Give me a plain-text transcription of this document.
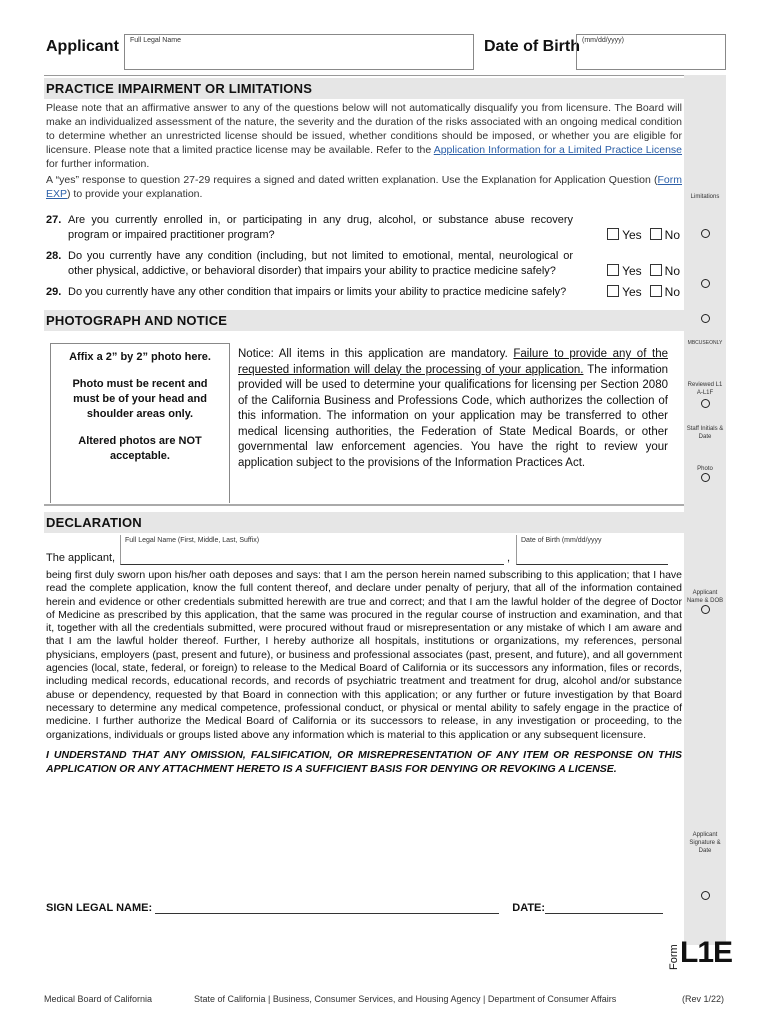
Applicant Full Legal Name	Date of Birth (mm/dd/yyyy)
Limitations
MBCUSEONLY
Reviewed L1 A-L1F
Staff Initials & Date
Photo
Applicant Name & DOB
Applicant Signature & Date
PRACTICE IMPAIRMENT OR LIMITATIONS
Please note that an affirmative answer to any of the questions below will not automatically disqualify you from licensure. The Board will make an individualized assessment of the nature, the severity and the duration of the risks associated with an ongoing medical condition to determine whether an unrestricted license should be issued, whether conditions should be imposed, or whether you are eligible for licensure. Please note that a limited practice license may be available. Refer to the Application Information for a Limited Practice License for further information.
A “yes” response to question 27-29 requires a signed and dated written explanation. Use the Explanation for Application Question (Form EXP) to provide your explanation.
27. Are you currently enrolled in, or participating in any drug, alcohol, or substance abuse recovery program or impaired practitioner program?	Yes	No
28. Do you currently have any condition (including, but not limited to emotional, mental, neurological or other physical, addictive, or behavioral disorder) that impairs your ability to practice medicine safely?	Yes	No
29. Do you currently have any other condition that impairs or limits your ability to practice medicine safely?	Yes	No
PHOTOGRAPH AND NOTICE

Affix a 2” by 2” photo here.

Photo must be recent and must be of your head and shoulder areas only.

Altered photos are NOT acceptable.

Notice: All items in this application are mandatory. Failure to provide any of the requested information will delay the processing of your application. The information provided will be used to determine your qualifications for licensing per Section 2080 of the California Business and Professions Code, which authorizes the collection of this information. The information on your application may be transferred to other medical licensing authorities, the Federation of State Medical Boards, or other governmental law enforcement agencies. You have the right to review your application subject to the provisions of the Information Practices Act.
DECLARATION
The applicant,
Full Legal Name (First, Middle, Last, Suffix)
,
Date of Birth (mm/dd/yyyy
being first duly sworn upon his/her oath deposes and says: that I am the person herein named subscribing to this application; that I have read the complete application, know the full content thereof, and declare under penalty of perjury, that all of the information contained herein and evidence or other credentials submitted herewith are true and correct; and that I am the lawful holder of the degree of Doctor of Medicine as prescribed by this application, that the same was procured in the regular course of instruction and examination, and that it, together with all the credentials submitted, were procured without fraud or misrepresentation or any mistake of which I am aware and that I am the lawful holder thereof. Further, I hereby authorize all hospitals, institutions or organizations, my references, personal physicians, employers (past, present and future), or business and professional associates (past, present, and future), and all government agencies (local, state, federal, or foreign) to release to the Medical Board of California or its successors any information, files or records, including medical records, educational records, and records of psychiatric treatment and treatment for drug, alcohol and/or substance abuse or dependency, requested by that Board in connection with this application; or any further or future investigation by that Board necessary to determine any medical competence, professional conduct, or physical or mental ability to safely engage in the practice of medicine. I further authorize the Medical Board of California or its successors to release, in any investigation or proceeding, to the organizations, individuals or groups listed above any information which is material to this application or any subsequent licensure.
I UNDERSTAND THAT ANY OMISSION, FALSIFICATION, OR MISREPRESENTATION OF ANY ITEM OR RESPONSE ON THIS APPLICATION OR ANY ATTACHMENT HERETO IS A SUFFICIENT BASIS FOR DENYING OR REVOKING A LICENSE.
SIGN LEGAL NAME:	DATE:
Form L1E
Medical Board of California	State of California | Business, Consumer Services, and Housing Agency | Department of Consumer Affairs	(Rev 1/22)
